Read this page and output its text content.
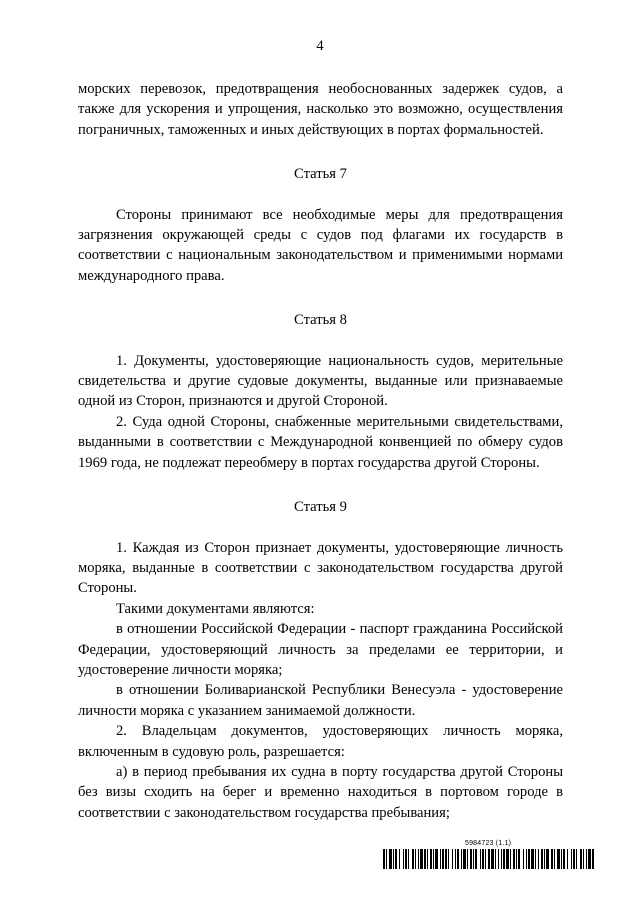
4

морских перевозок, предотвращения необоснованных задержек судов, а также для ускорения и упрощения, насколько это возможно, осуществления пограничных, таможенных и иных действующих в портах формальностей.

Статья 7

Стороны принимают все необходимые меры для предотвращения загрязнения окружающей среды с судов под флагами их государств в соответствии с национальным законодательством и применимыми нормами международного права.

Статья 8

1. Документы, удостоверяющие национальность судов, мерительные свидетельства и другие судовые документы, выданные или признаваемые одной из Сторон, признаются и другой Стороной.

2. Суда одной Стороны, снабженные мерительными свидетельствами, выданными в соответствии с Международной конвенцией по обмеру судов 1969 года, не подлежат переобмеру в портах государства другой Стороны.

Статья 9

1. Каждая из Сторон признает документы, удостоверяющие личность моряка, выданные в соответствии с законодательством государства другой Стороны.

Такими документами являются:

в отношении Российской Федерации - паспорт гражданина Российской Федерации, удостоверяющий личность за пределами ее территории, и удостоверение личности моряка;

в отношении Боливарианской Республики Венесуэла - удостоверение личности моряка с указанием занимаемой должности.

2. Владельцам документов, удостоверяющих личность моряка, включенным в судовую роль, разрешается:

а) в период пребывания их судна в порту государства другой Стороны без визы сходить на берег и временно находиться в портовом городе в соответствии с законодательством государства пребывания;

5984723 (1.1)
